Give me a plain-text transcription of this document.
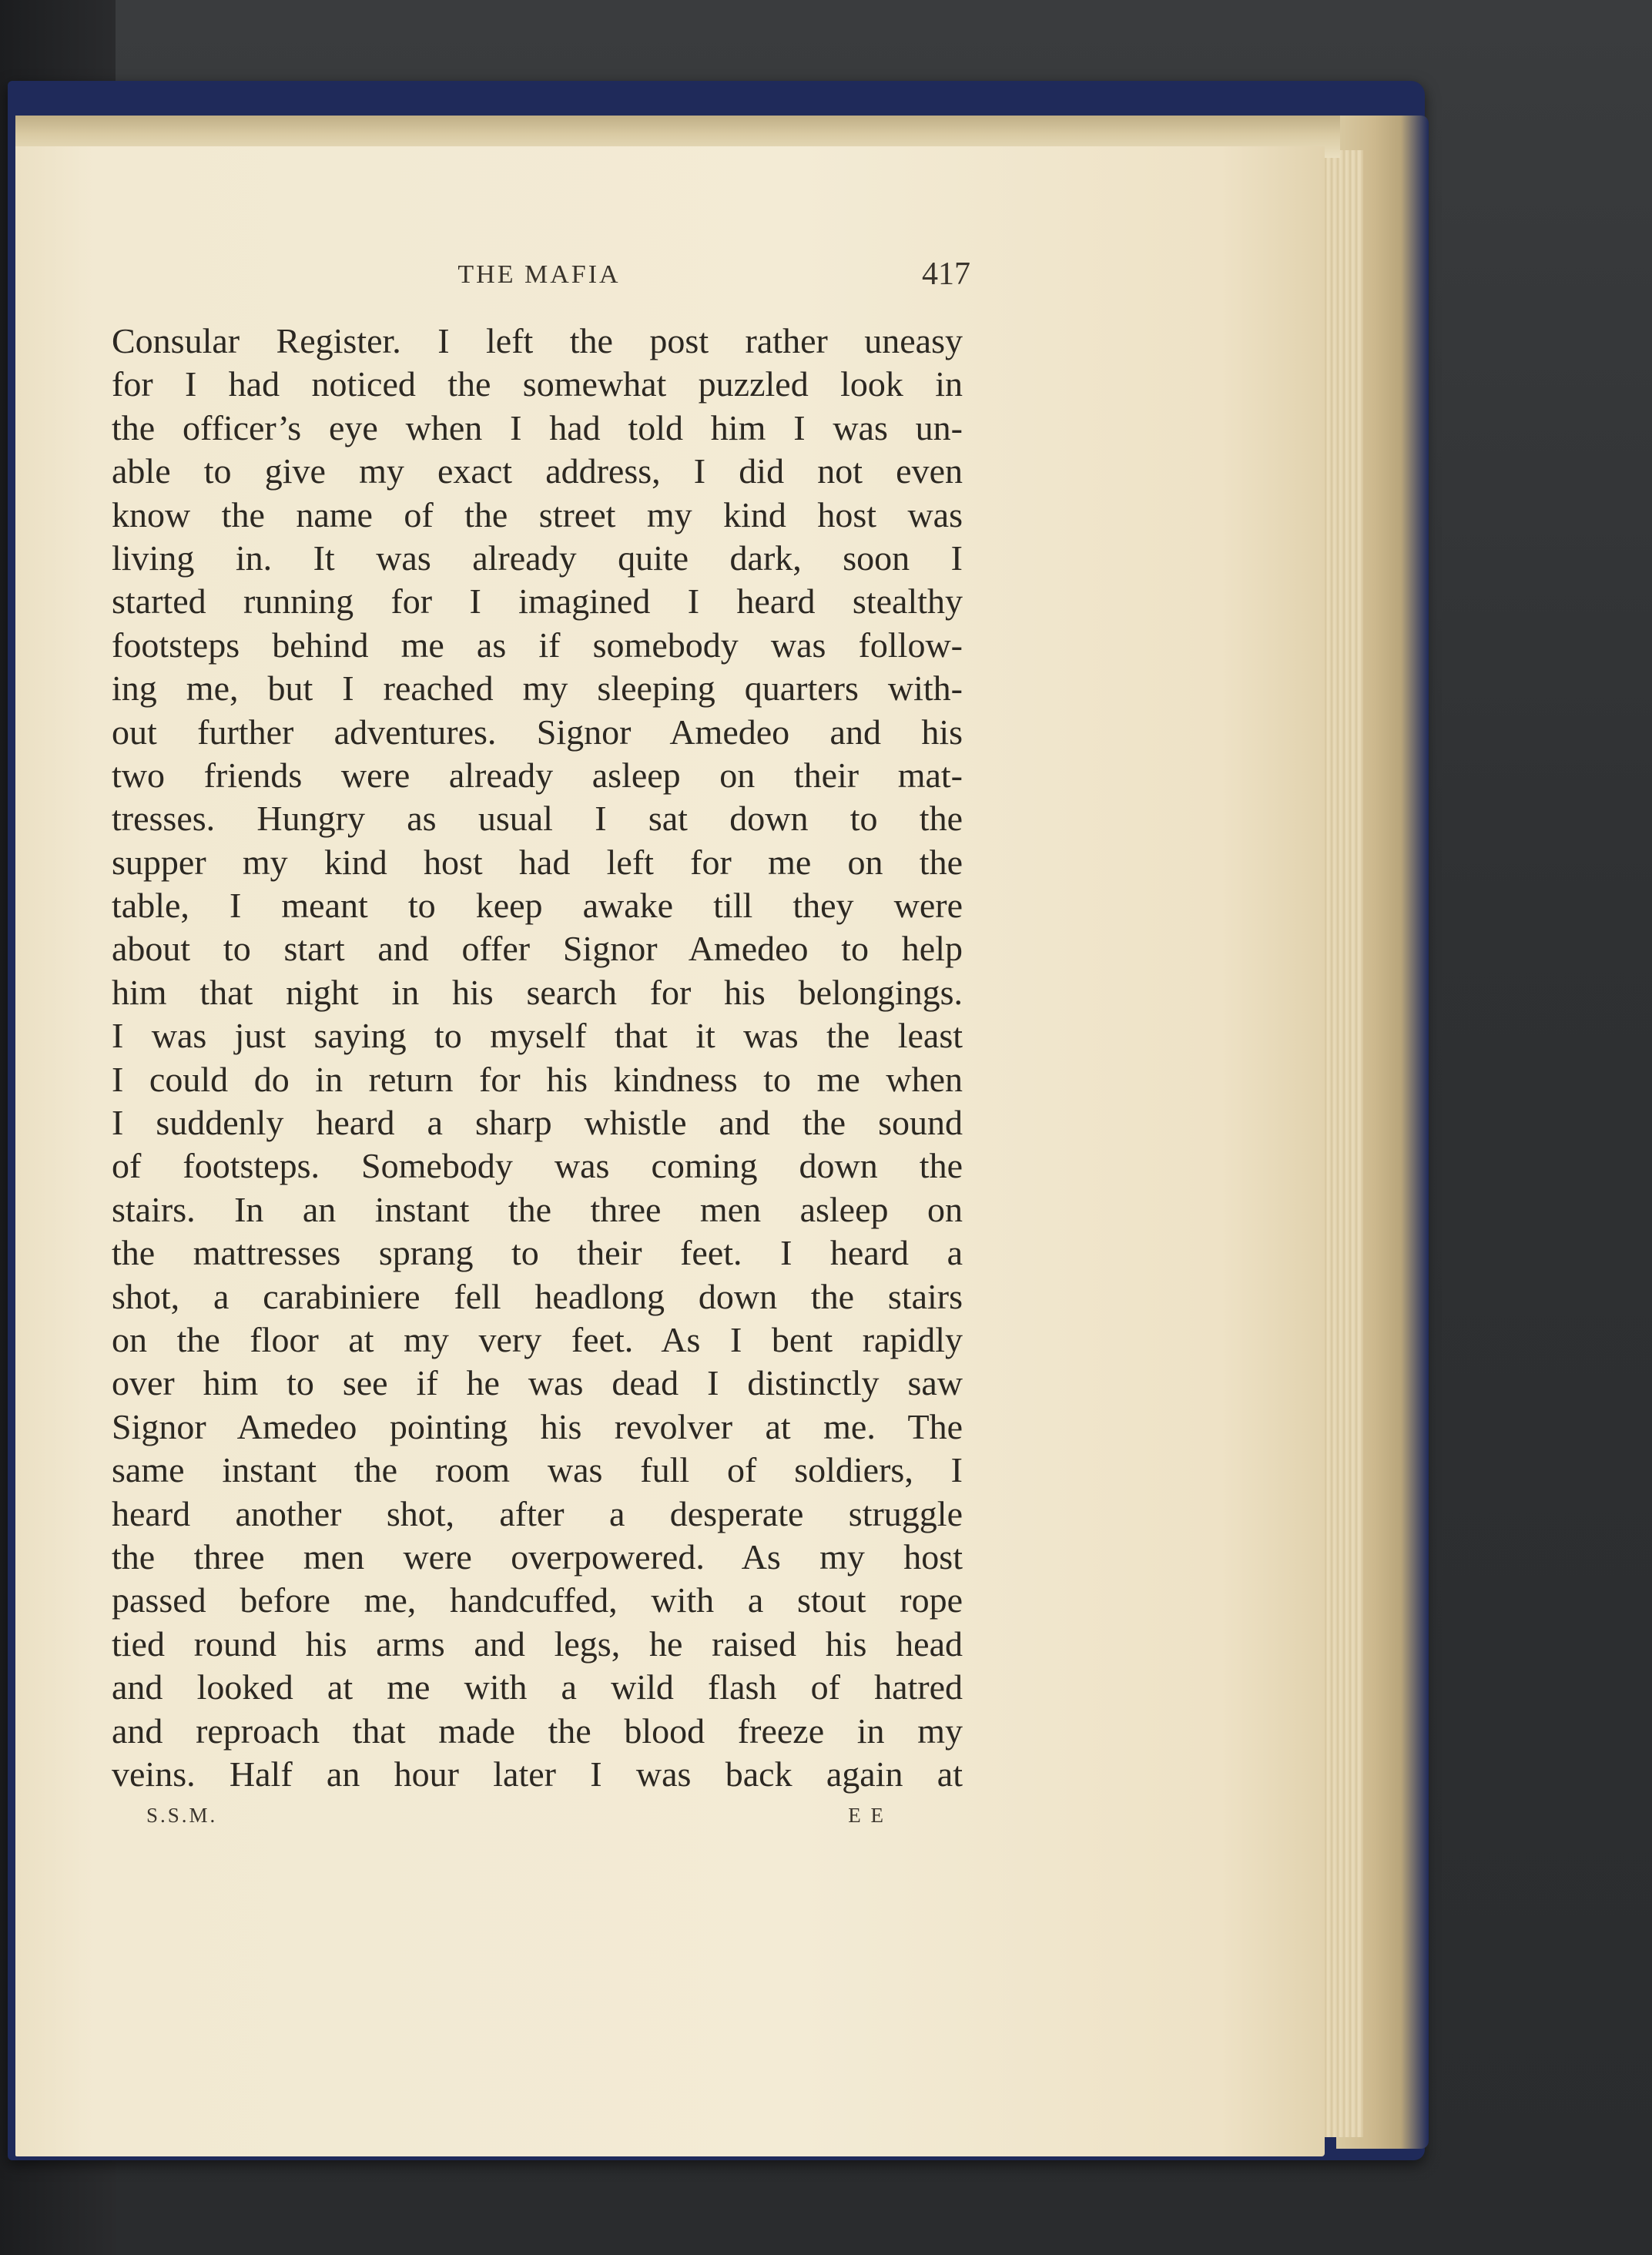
THE MAFIA	417
Consular Register. I left the post rather uneasy
for I had noticed the somewhat puzzled look in
the officer’s eye when I had told him I was un-
able to give my exact address, I did not even
know the name of the street my kind host was
living in. It was already quite dark, soon I
started running for I imagined I heard stealthy
footsteps behind me as if somebody was follow-
ing me, but I reached my sleeping quarters with-
out further adventures. Signor Amedeo and his
two friends were already asleep on their mat-
tresses. Hungry as usual I sat down to the
supper my kind host had left for me on the
table, I meant to keep awake till they were
about to start and offer Signor Amedeo to help
him that night in his search for his belongings.
I was just saying to myself that it was the least
I could do in return for his kindness to me when
I suddenly heard a sharp whistle and the sound
of footsteps. Somebody was coming down the
stairs. In an instant the three men asleep on
the mattresses sprang to their feet. I heard a
shot, a carabiniere fell headlong down the stairs
on the floor at my very feet. As I bent rapidly
over him to see if he was dead I distinctly saw
Signor Amedeo pointing his revolver at me. The
same instant the room was full of soldiers, I
heard another shot, after a desperate struggle
the three men were overpowered. As my host
passed before me, handcuffed, with a stout rope
tied round his arms and legs, he raised his head
and looked at me with a wild flash of hatred
and reproach that made the blood freeze in my
veins. Half an hour later I was back again at
S.S.M.	E E
